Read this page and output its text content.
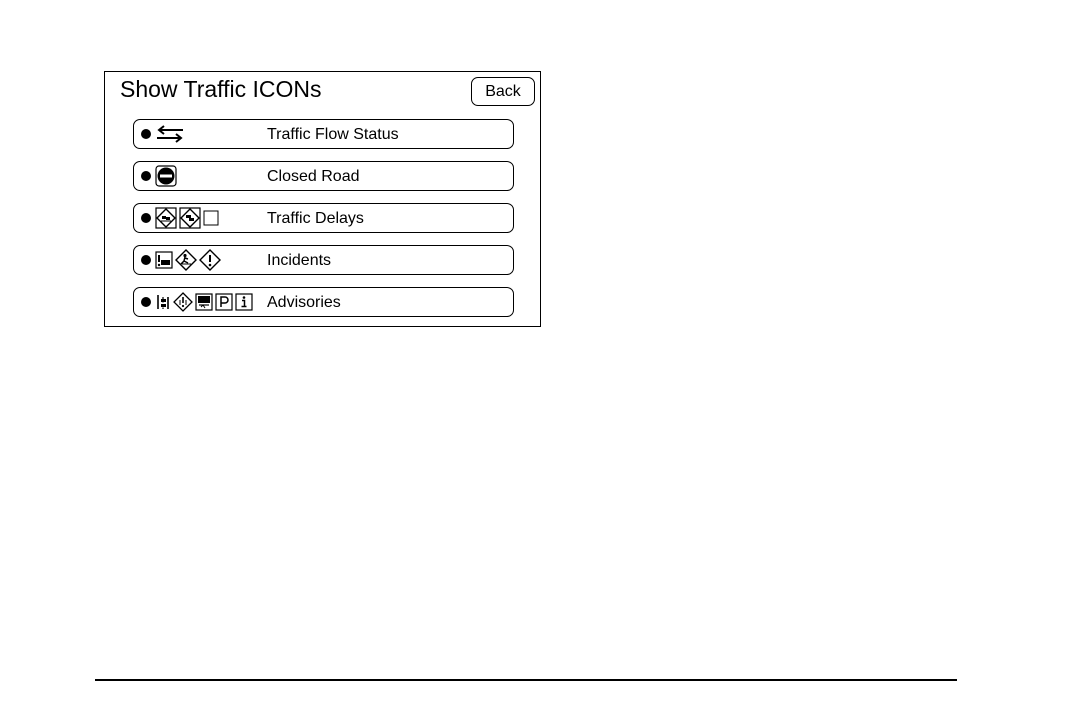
Show Traffic ICONs	Back
Traffic Flow Status
Closed Road
Traffic Delays
Incidents
Advisories
